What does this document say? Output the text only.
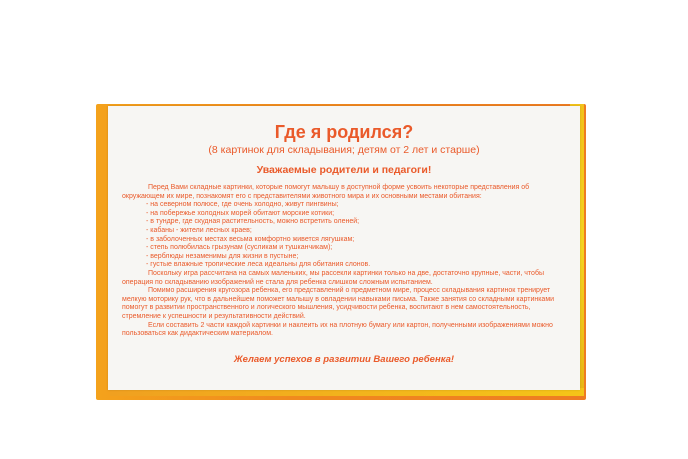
Где я родился?
(8 картинок для складывания; детям от 2 лет и старше)
Уважаемые родители и педагоги!

Перед Вами складные картинки, которые помогут малышу в доступной форме усвоить некоторые представления об окружающем их мире, познакомят его с представителями животного мира и их основными местами обитания:

- на северном полюсе, где очень холодно, живут пингвины;

- на побережье холодных морей обитают морские котики;

- в тундре, где скудная растительность, можно встретить оленей;

- кабаны - жители лесных краев;

- в заболоченных местах весьма комфортно живется лягушкам;

- степь полюбилась грызунам (сусликам и тушканчикам);

- верблюды незаменимы для жизни в пустыне;

- густые влажные тропические леса идеальны для обитания слонов.

Поскольку игра рассчитана на самых маленьких, мы рассекли картинки только на две, достаточно крупные, части, чтобы операция по складыванию изображений не стала для ребенка слишком сложным испытанием.

Помимо расширения кругозора ребенка, его представлений о предметном мире, процесс складывания картинок тренирует мелкую моторику рук, что в дальнейшем поможет малышу в овладении навыками письма. Также занятия со складными картинками помогут в развитии пространственного и логического мышления, усидчивости ребенка, воспитают в нем самостоятельность, стремление к успешности и результативности действий.

Если составить 2 части каждой картинки и наклеить их на плотную бумагу или картон, полученными изображениями можно пользоваться как дидактическим материалом.

Желаем успехов в развитии Вашего ребенка!
